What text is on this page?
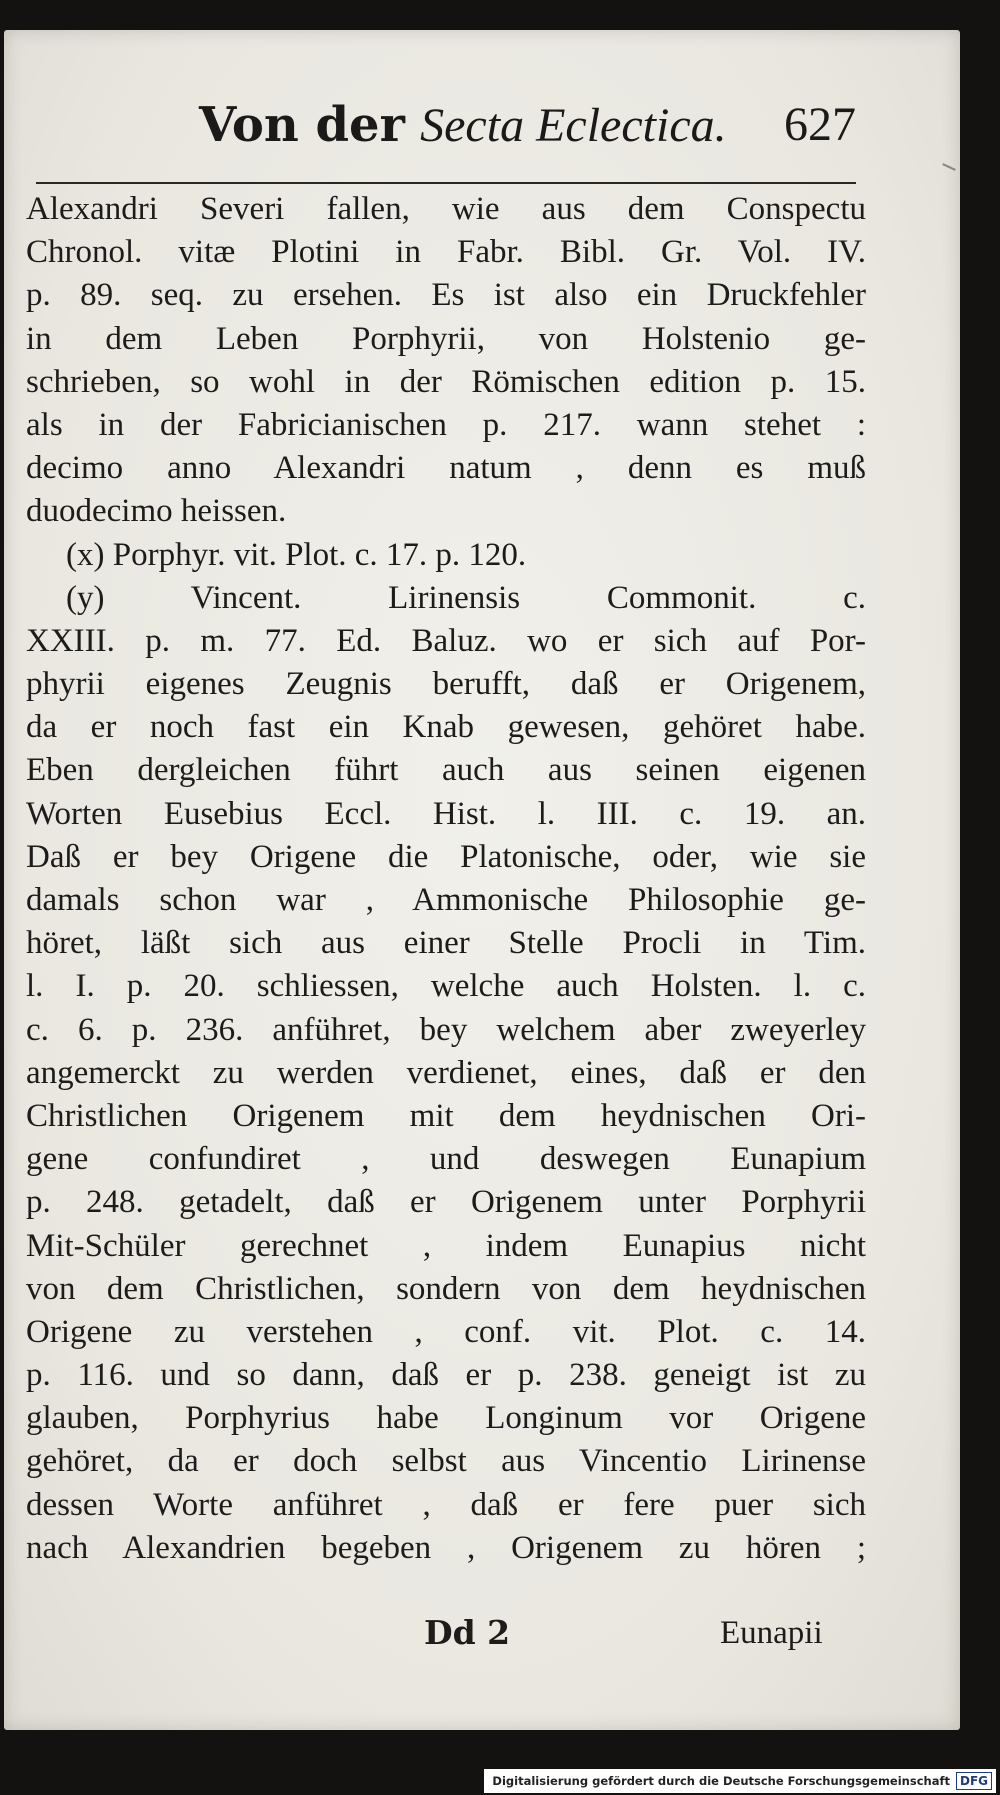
Von der Secta Eclectica. 627
Alexandri Severi fallen, wie aus dem Conspectu
Chronol. vitæ Plotini in Fabr. Bibl. Gr. Vol. IV.
p. 89. seq. zu ersehen. Es ist also ein Druckfehler
in dem Leben Porphyrii, von Holstenio ge-
schrieben, so wohl in der Römischen edition p. 15.
als in der Fabricianischen p. 217. wann stehet :
decimo anno Alexandri natum , denn es muß
duodecimo heissen.
(x) Porphyr. vit. Plot. c. 17. p. 120.
(y) Vincent. Lirinensis Commonit. c.
XXIII. p. m. 77. Ed. Baluz. wo er sich auf Por-
phyrii eigenes Zeugnis berufft, daß er Origenem,
da er noch fast ein Knab gewesen, gehöret habe.
Eben dergleichen führt auch aus seinen eigenen
Worten Eusebius Eccl. Hist. l. III. c. 19. an.
Daß er bey Origene die Platonische, oder, wie sie
damals schon war , Ammonische Philosophie ge-
höret, läßt sich aus einer Stelle Procli in Tim.
l. I. p. 20. schliessen, welche auch Holsten. l. c.
c. 6. p. 236. anführet, bey welchem aber zweyerley
angemerckt zu werden verdienet, eines, daß er den
Christlichen Origenem mit dem heydnischen Ori-
gene confundiret , und deswegen Eunapium
p. 248. getadelt, daß er Origenem unter Porphyrii
Mit-Schüler gerechnet , indem Eunapius nicht
von dem Christlichen, sondern von dem heydnischen
Origene zu verstehen , conf. vit. Plot. c. 14.
p. 116. und so dann, daß er p. 238. geneigt ist zu
glauben, Porphyrius habe Longinum vor Origene
gehöret, da er doch selbst aus Vincentio Lirinense
dessen Worte anführet , daß er fere puer sich
nach Alexandrien begeben , Origenem zu hören ;
Dd 2	Eunapii
Digitalisierung gefördert durch die Deutsche Forschungsgemeinschaft DFG
